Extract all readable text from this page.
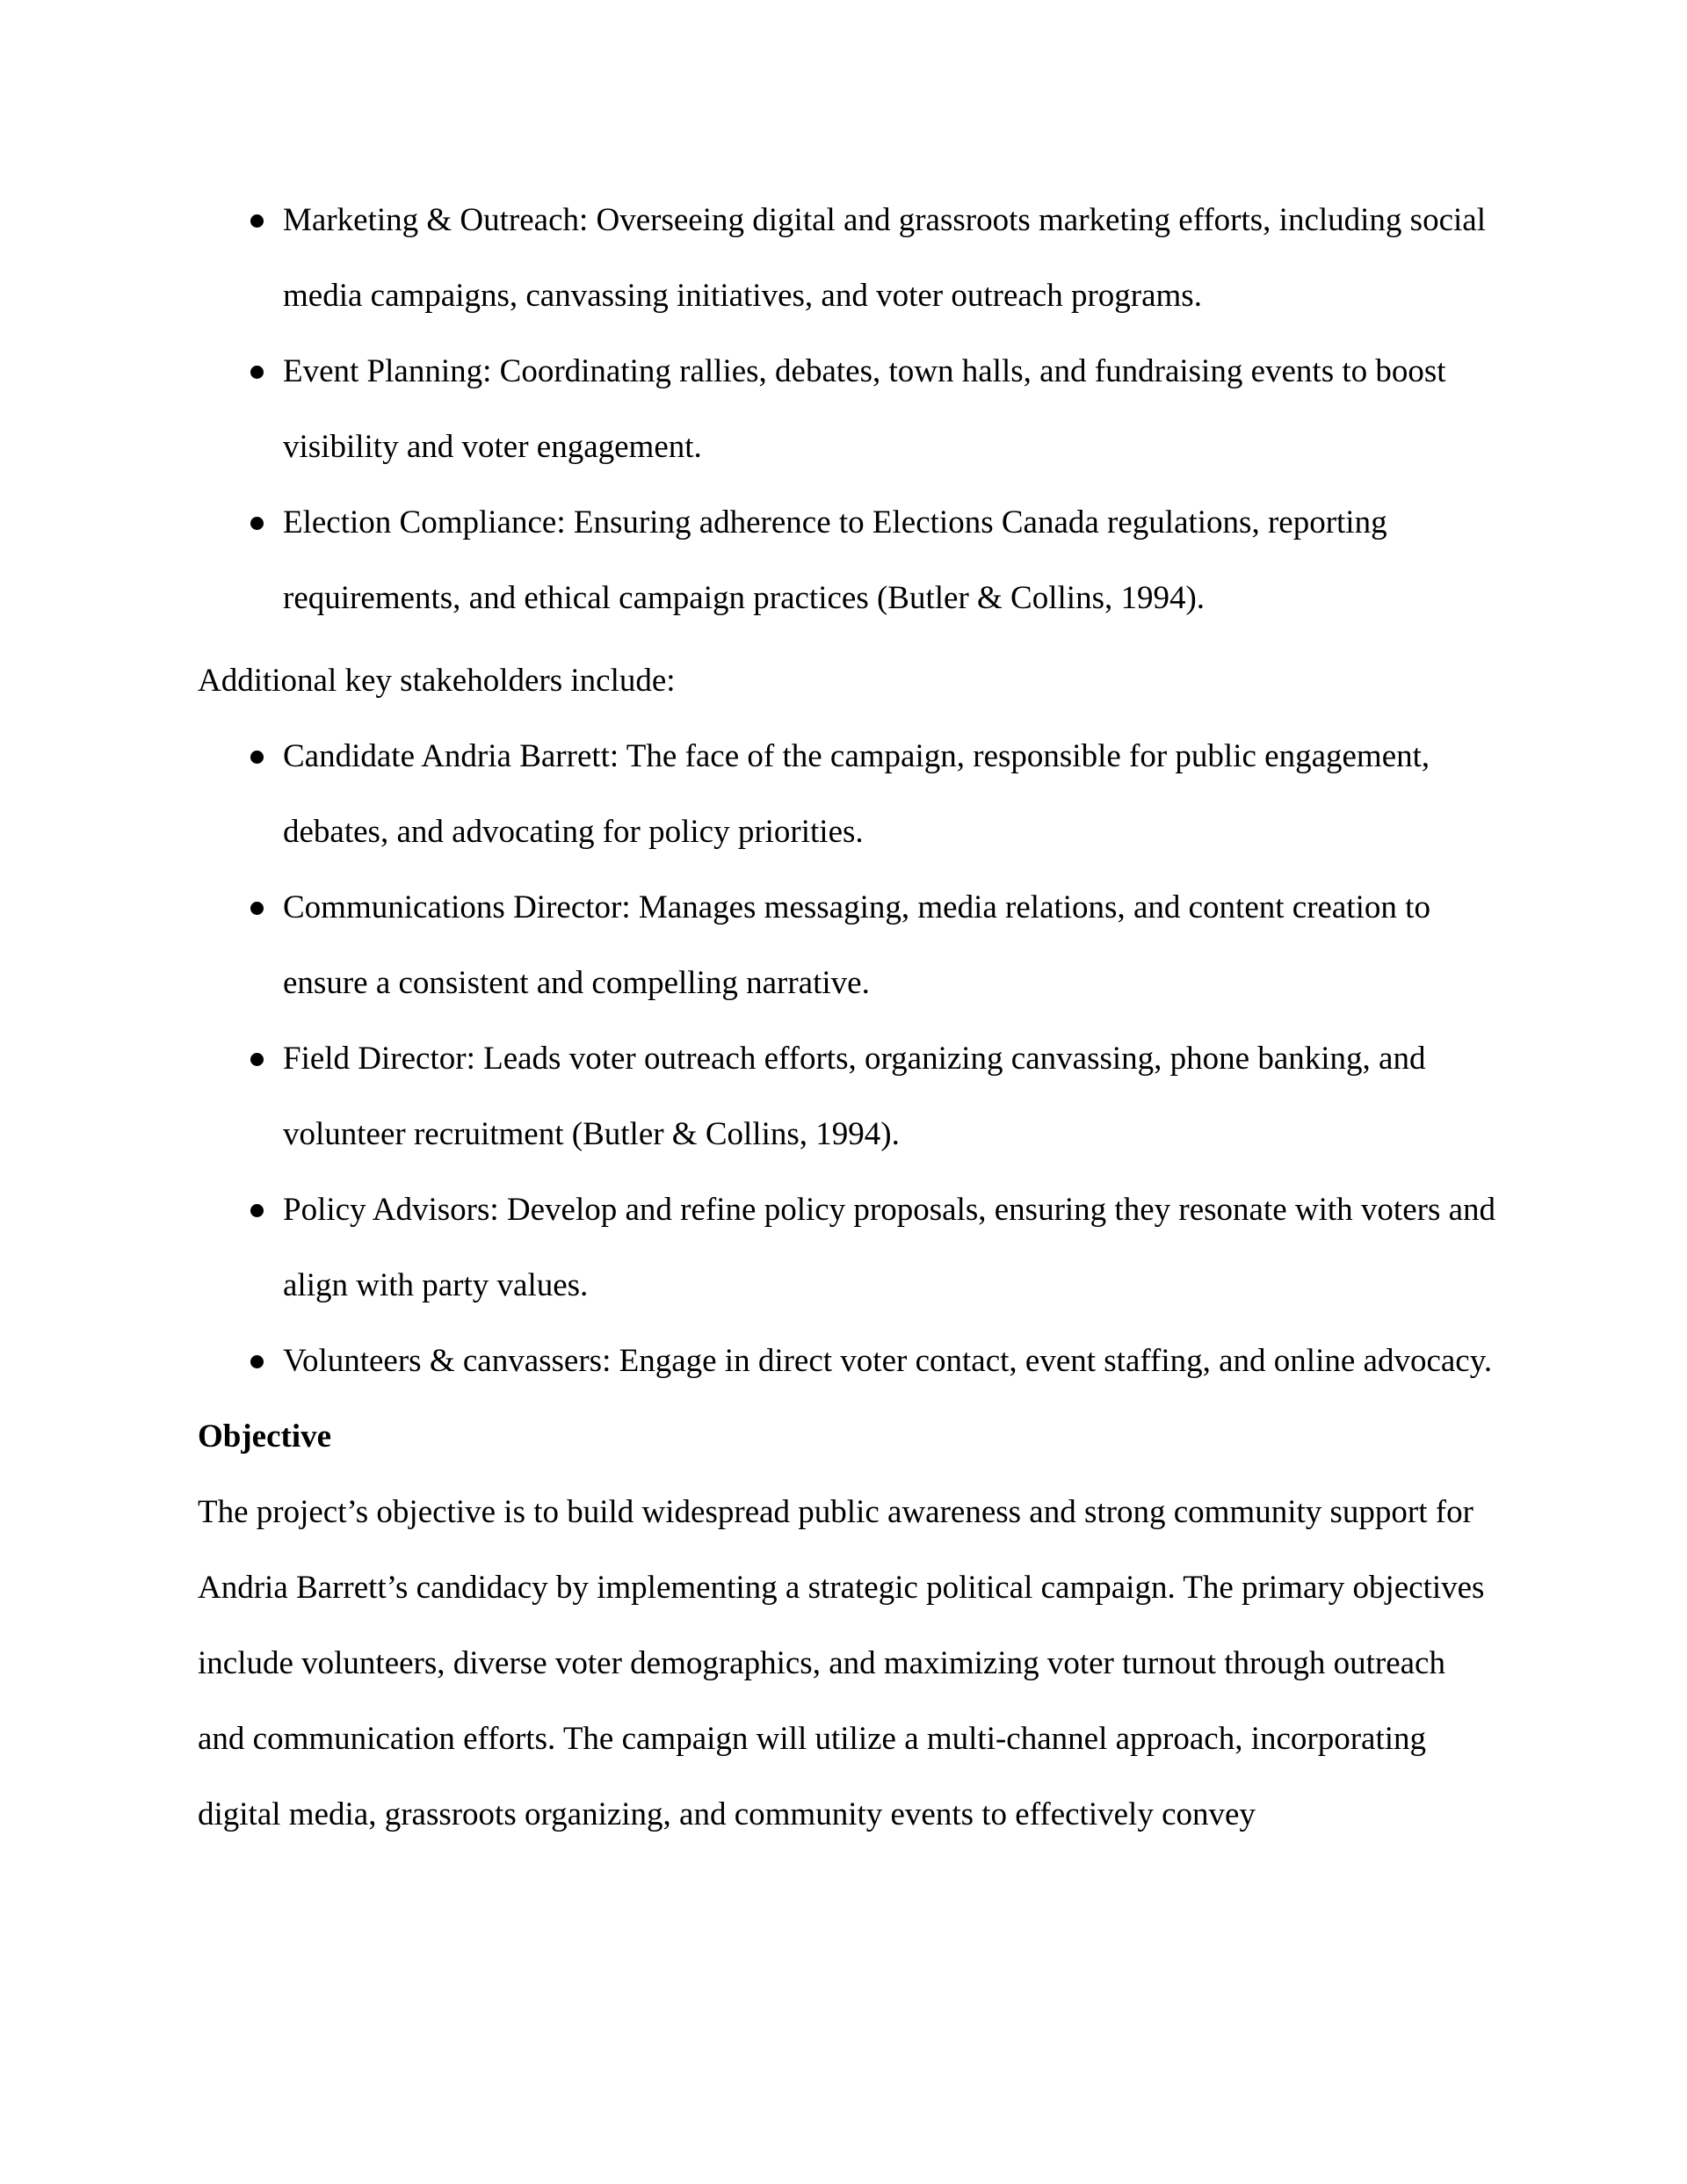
Marketing & Outreach: Overseeing digital and grassroots marketing efforts, including social media campaigns, canvassing initiatives, and voter outreach programs.
Event Planning: Coordinating rallies, debates, town halls, and fundraising events to boost visibility and voter engagement.
Election Compliance: Ensuring adherence to Elections Canada regulations, reporting requirements, and ethical campaign practices (Butler & Collins, 1994).

Additional key stakeholders include:

Candidate Andria Barrett: The face of the campaign, responsible for public engagement, debates, and advocating for policy priorities.
Communications Director: Manages messaging, media relations, and content creation to ensure a consistent and compelling narrative.
Field Director: Leads voter outreach efforts, organizing canvassing, phone banking, and volunteer recruitment (Butler & Collins, 1994).
Policy Advisors: Develop and refine policy proposals, ensuring they resonate with voters and align with party values.
Volunteers & canvassers: Engage in direct voter contact, event staffing, and online advocacy.
Objective

The project’s objective is to build widespread public awareness and strong community support for Andria Barrett’s candidacy by implementing a strategic political campaign. The primary objectives include volunteers, diverse voter demographics, and maximizing voter turnout through outreach and communication efforts. The campaign will utilize a multi-channel approach, incorporating digital media, grassroots organizing, and community events to effectively convey
